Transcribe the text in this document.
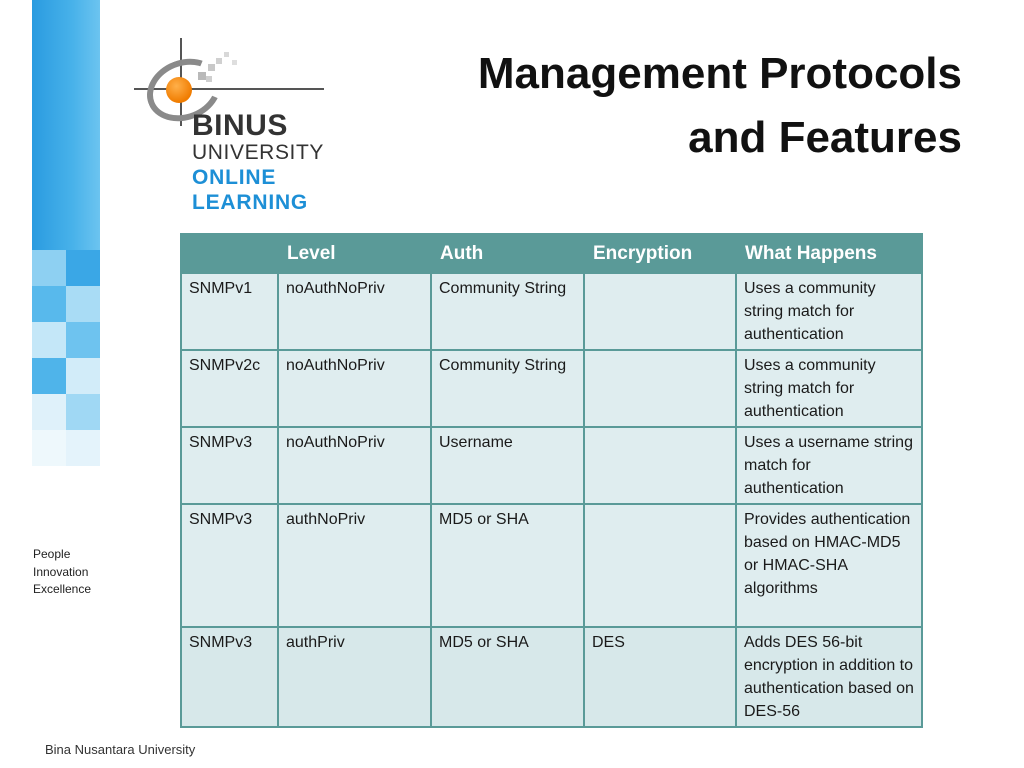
People
Innovation
Excellence
BINUS
UNIVERSITY
ONLINE
LEARNING
Management Protocols
and Features
	Level	Auth	Encryption	What Happens
SNMPv1	noAuthNoPriv	Community String		Uses a community string match for authentication
SNMPv2c	noAuthNoPriv	Community String		Uses a community string match for authentication
SNMPv3	noAuthNoPriv	Username		Uses a username string match for authentication
SNMPv3	authNoPriv	MD5 or SHA		Provides authentication based on HMAC-MD5 or HMAC-SHA algorithms
SNMPv3	authPriv	MD5 or SHA	DES	Adds DES 56-bit encryption in addition to authentication based on DES-56
Bina Nusantara University
